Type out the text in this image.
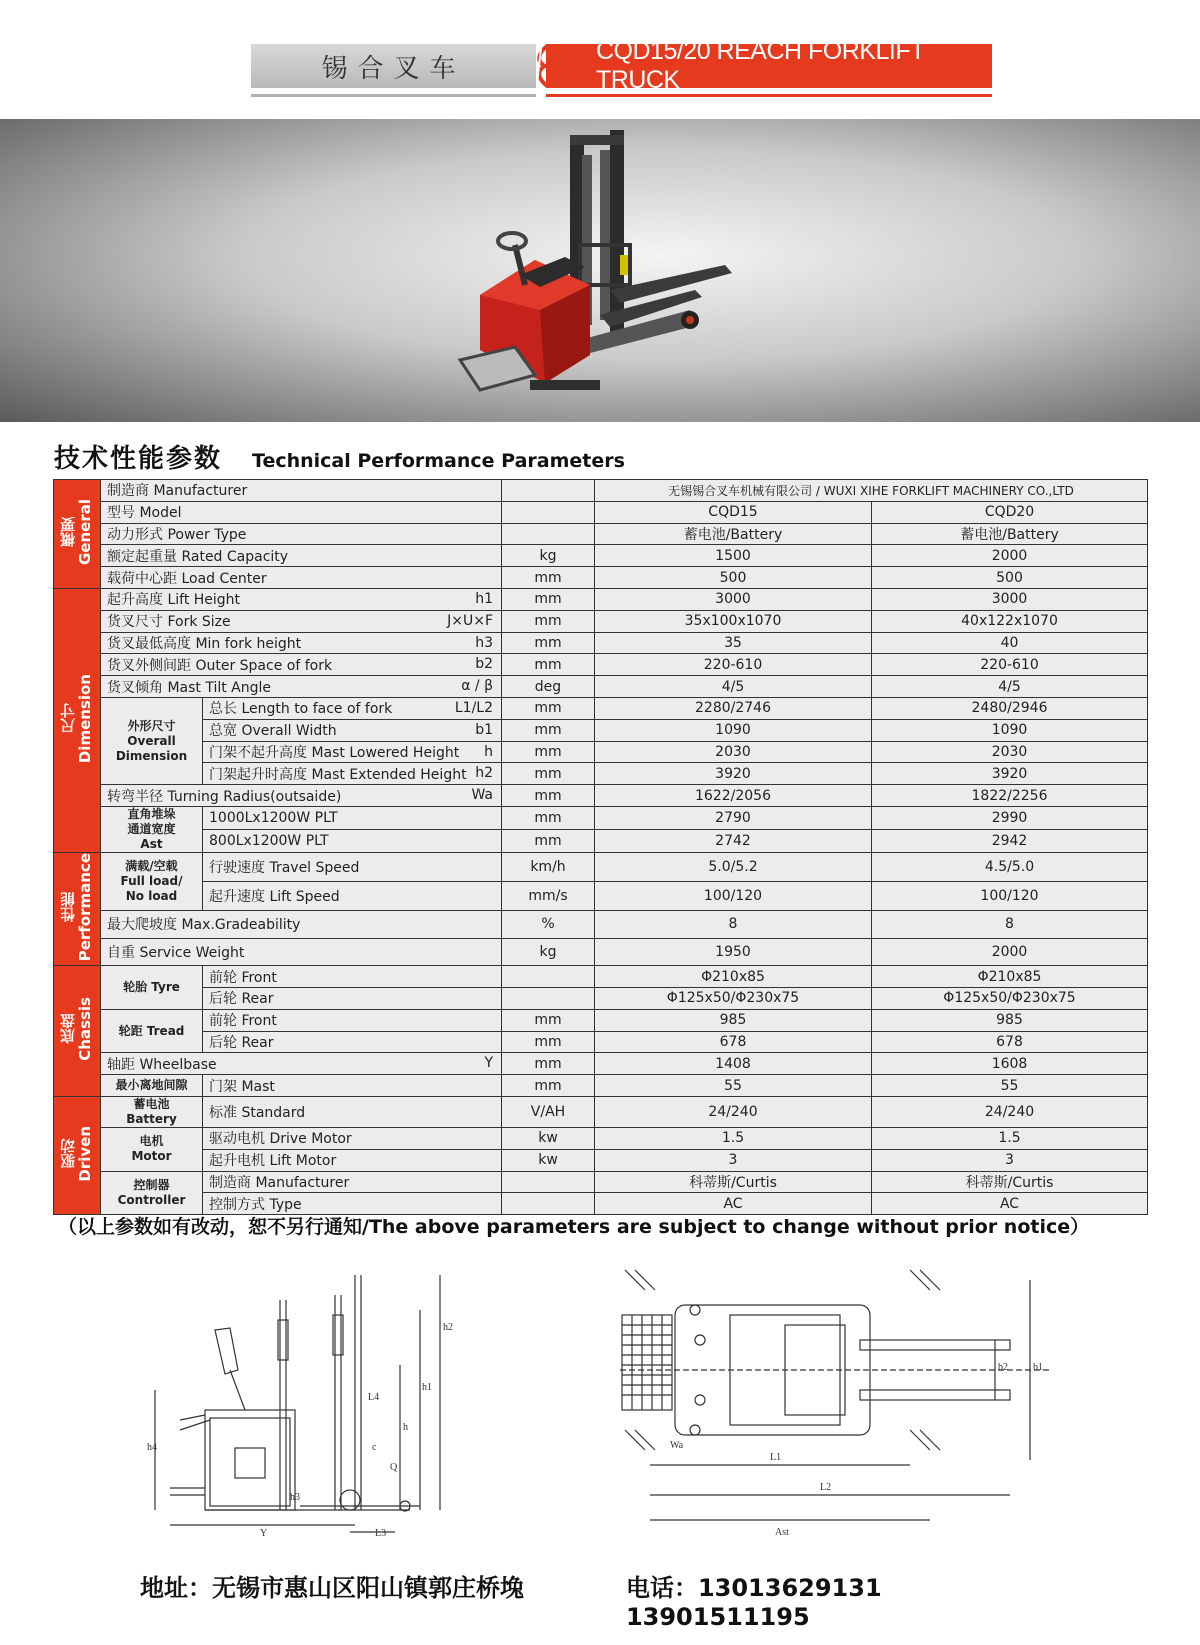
锡合叉车
CQD15/20 REACH FORKLIFT TRUCK
技术性能参数 Technical Performance Parameters
概要
General	制造商 Manufacturer			无锡锡合叉车机械有限公司 / WUXI XIHE FORKLIFT MACHINERY CO.,LTD	
	型号 Model			CQD15	CQD20
	动力形式 Power Type			蓄电池/Battery	蓄电池/Battery
	额定起重量 Rated Capacity		kg	1500	2000
	载荷中心距 Load Center		mm	500	500
尺寸
Dimension	起升高度 Lift Height h1		mm	3000	3000
	货叉尺寸 Fork Size J×U×F		mm	35x100x1070	40x122x1070
	货叉最低高度 Min fork height h3		mm	35	40
	货叉外侧间距 Outer Space of fork b2		mm	220-610	220-610
	货叉倾角 Mast Tilt Angle α / β		deg	4/5	4/5
	外形尺寸
Overall
Dimension	总长 Length to face of fork L1/L2	mm	2280/2746	2480/2946
		总宽 Overall Width b1	mm	1090	1090
		门架不起升高度 Mast Lowered Height h	mm	2030	2030
		门架起升时高度 Mast Extended Height h2	mm	3920	3920
	转弯半径 Turning Radius(outsaide) Wa		mm	1622/2056	1822/2256
	直角堆垛
通道宽度
Ast	1000Lx1200W PLT	mm	2790	2990
		800Lx1200W PLT	mm	2742	2942
性能
Performance	满载/空载
Full load/
No load	行驶速度 Travel Speed	km/h	5.0/5.2	4.5/5.0
		起升速度 Lift Speed	mm/s	100/120	100/120
	最大爬坡度 Max.Gradeability		%	8	8
	自重 Service Weight		kg	1950	2000
底盘
Chassis	轮胎 Tyre	前轮 Front		Φ210x85	Φ210x85
		后轮 Rear		Φ125x50/Φ230x75	Φ125x50/Φ230x75
	轮距 Tread	前轮 Front	mm	985	985
		后轮 Rear	mm	678	678
	轴距 Wheelbase Y		mm	1408	1608
	最小离地间隙	门架 Mast	mm	55	55
驱动
Driven	蓄电池 Battery	标准 Standard	V/AH	24/240	24/240
	电机
Motor	驱动电机 Drive Motor	kw	1.5	1.5
		起升电机 Lift Motor	kw	3	3
	控制器
Controller	制造商 Manufacturer		科蒂斯/Curtis	科蒂斯/Curtis
		控制方式 Type		AC	AC
（以上参数如有改动，恕不另行通知/The above parameters are subject to change without prior notice）
h2
h1
h4
h3
L4
c
Q
h
L3
Y
b2	b1
Wa
L1
L2
Ast
地址：无锡市惠山区阳山镇郭庄桥堍	电话：13013629131 13901511195
